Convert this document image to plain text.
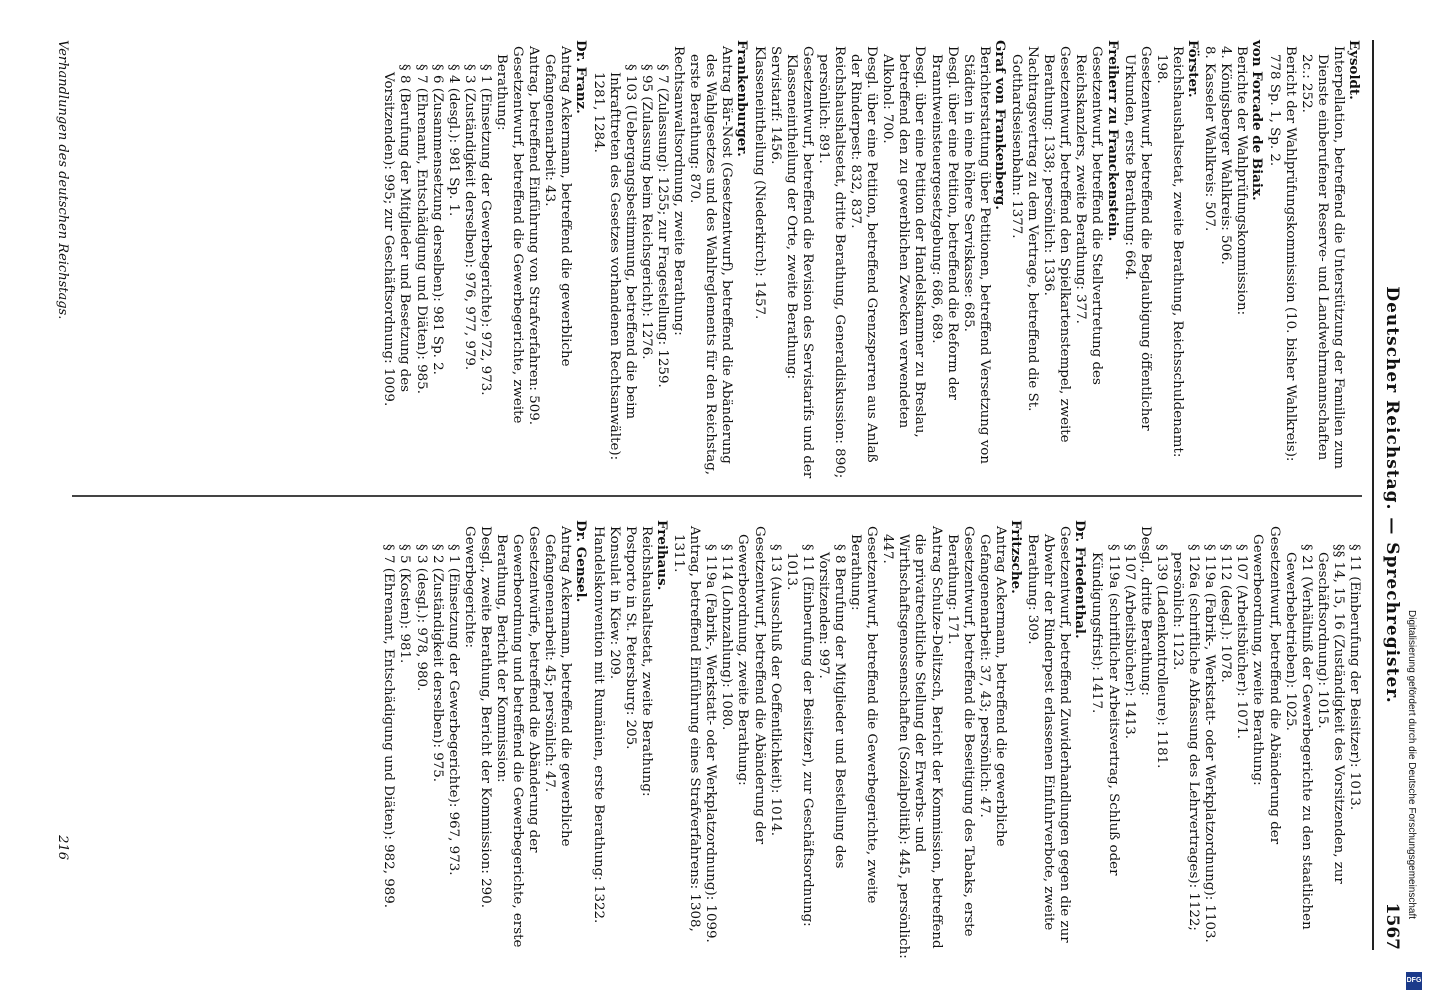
Deutscher Reichstag. — Sprechregister.
1567
Eysoldt.
Interpellation, betreffend die Unterstützung der Familien zum Dienste einberufener Reserve- und Landwehrmannschaften 2c.: 252.
Bericht der Wahlprüfungskommission (10. bisher Wahlkreis): 778 Sp. 1, Sp. 2.
von Forcade de Biaix.
Berichte der Wahlprüfungskommission:
4. Königsberger Wahlkreis: 506.
8. Kasseler Wahlkreis: 507.
Förster.
Reichshaushaltsetat, zweite Berathung, Reichsschuldenamt: 198.
Gesetzentwurf, betreffend die Beglaubigung öffentlicher Urkunden, erste Berathung: 664.
Freiherr zu Franckenstein.
Gesetzentwurf, betreffend die Stellvertretung des Reichskanzlers, zweite Berathung: 377.
Gesetzentwurf, betreffend den Spielkartenstempel, zweite Berathung: 1338; persönlich: 1336.
Nachtragsvertrag zu dem Vertrage, betreffend die St. Gotthardseisenbahn: 1377.
Graf von Frankenberg.
Berichterstattung über Petitionen, betreffend Versetzung von Städten in eine höhere Serviskasse: 685.
Desgl. über eine Petition, betreffend die Reform der Branntweinsteuergesetzgebung: 686, 689.
Desgl. über eine Petition der Handelskammer zu Breslau, betreffend den zu gewerblichen Zwecken verwendeten Alkohol: 700.
Desgl. über eine Petition, betreffend Grenzsperren aus Anlaß der Rinderpest: 832, 837.
Reichshaushaltsetat, dritte Berathung, Generaldiskussion: 890; persönlich: 891.
Gesetzentwurf, betreffend die Revision des Servistarifs und der Klasseneintheilung der Orte, zweite Berathung:
Servistarif: 1456.
Klasseneintheilung (Niederkirch): 1457.
Frankenburger.
Antrag Bär-Nost (Gesetzentwurf), betreffend die Abänderung des Wahlgesetzes und des Wahlreglements für den Reichstag, erste Berathung: 870.
Rechtsanwaltsordnung, zweite Berathung:
§ 7 (Zulassung): 1255; zur Fragestellung: 1259.
§ 95 (Zulassung beim Reichsgericht): 1276.
§ 103 (Uebergangsbestimmung, betreffend die beim Inkrafttreten des Gesetzes vorhandenen Rechtsanwälte): 1281, 1284.
Dr. Franz.
Antrag Ackermann, betreffend die gewerbliche Gefangenenarbeit: 43.
Antrag, betreffend Einführung von Strafverfahren: 509.
Gesetzentwurf, betreffend die Gewerbegerichte, zweite Berathung:
§ 1 (Einsetzung der Gewerbegerichte): 972, 973.
§ 3 (Zuständigkeit derselben): 976, 977, 979.
§ 4 (desgl.): 981 Sp. 1.
§ 6 (Zusammensetzung derselben): 981 Sp. 2.
§ 7 (Ehrenamt, Entschädigung und Diäten): 985.
§ 8 (Berufung der Mitglieder und Besetzung des Vorsitzenden): 995; zur Geschäftsordnung: 1009.
§ 11 (Einberufung der Beisitzer): 1013.
§§ 14, 15, 16 (Zuständigkeit des Vorsitzenden, zur Geschäftsordnung): 1015.
§ 21 (Verhältniß der Gewerbegerichte zu den staatlichen Gewerbebetrieben): 1025.
Gesetzentwurf, betreffend die Abänderung der Gewerbeordnung, zweite Berathung:
§ 107 (Arbeitsbücher): 1071.
§ 112 (desgl.): 1078.
§ 119a (Fabrik-, Werkstatt- oder Werkplatzordnung): 1103.
§ 126a (schriftliche Abfassung des Lehrvertrages): 1122; persönlich: 1123.
§ 139 (Ladenkontrolleure): 1181.
Desgl., dritte Berathung:
§ 107 (Arbeitsbücher): 1413.
§ 119a (schriftlicher Arbeitsvertrag, Schluß oder Kündigungsfrist): 1417.
Dr. Friedenthal.
Gesetzentwurf, betreffend Zuwiderhandlungen gegen die zur Abwehr der Rinderpest erlassenen Einfuhrverbote, zweite Berathung: 309.
Fritzsche.
Antrag Ackermann, betreffend die gewerbliche Gefangenenarbeit: 37, 43; persönlich: 47.
Gesetzentwurf, betreffend die Beseitigung des Tabaks, erste Berathung: 171.
Antrag Schulze-Delitzsch, Bericht der Kommission, betreffend die privatrechtliche Stellung der Erwerbs- und Wirthschaftsgenossenschaften (Sozialpolitik): 445, persönlich: 447.
Gesetzentwurf, betreffend die Gewerbegerichte, zweite Berathung:
§ 8 Berufung der Mitglieder und Bestellung des Vorsitzenden: 997.
§ 11 (Einberufung der Beisitzer), zur Geschäftsordnung: 1013.
§ 13 (Ausschluß der Oeffentlichkeit): 1014.
Gesetzentwurf, betreffend die Abänderung der Gewerbeordnung, zweite Berathung:
§ 114 (Lohnzahlung): 1080.
§ 119a (Fabrik-, Werkstatt- oder Werkplatzordnung): 1099.
Antrag, betreffend Einführung eines Strafverfahrens: 1308, 1311.
Freihaus.
Reichshaushaltsetat, zweite Berathung:
Postporto in St. Petersburg: 205.
Konsulat in Kiew: 209.
Handelskonvention mit Rumänien, erste Berathung: 1322.
Dr. Gensel.
Antrag Ackermann, betreffend die gewerbliche Gefangenenarbeit: 45; persönlich: 47.
Gesetzentwürfe, betreffend die Abänderung der Gewerbeordnung und betreffend die Gewerbegerichte, erste Berathung, Bericht der Kommission:
Desgl., zweite Berathung, Bericht der Kommission: 290.
Gewerbegerichte:
§ 1 (Einsetzung der Gewerbegerichte): 967, 973.
§ 2 (Zuständigkeit derselben): 975.
§ 3 (desgl.): 978, 980.
§ 5 (Kosten): 981.
§ 7 (Ehrenamt, Entschädigung und Diäten): 982, 989.
Verhandlungen des deutschen Reichstags.
216	Digitalisierung gefördert durch die Deutsche Forschungsgemeinschaft
DFG
